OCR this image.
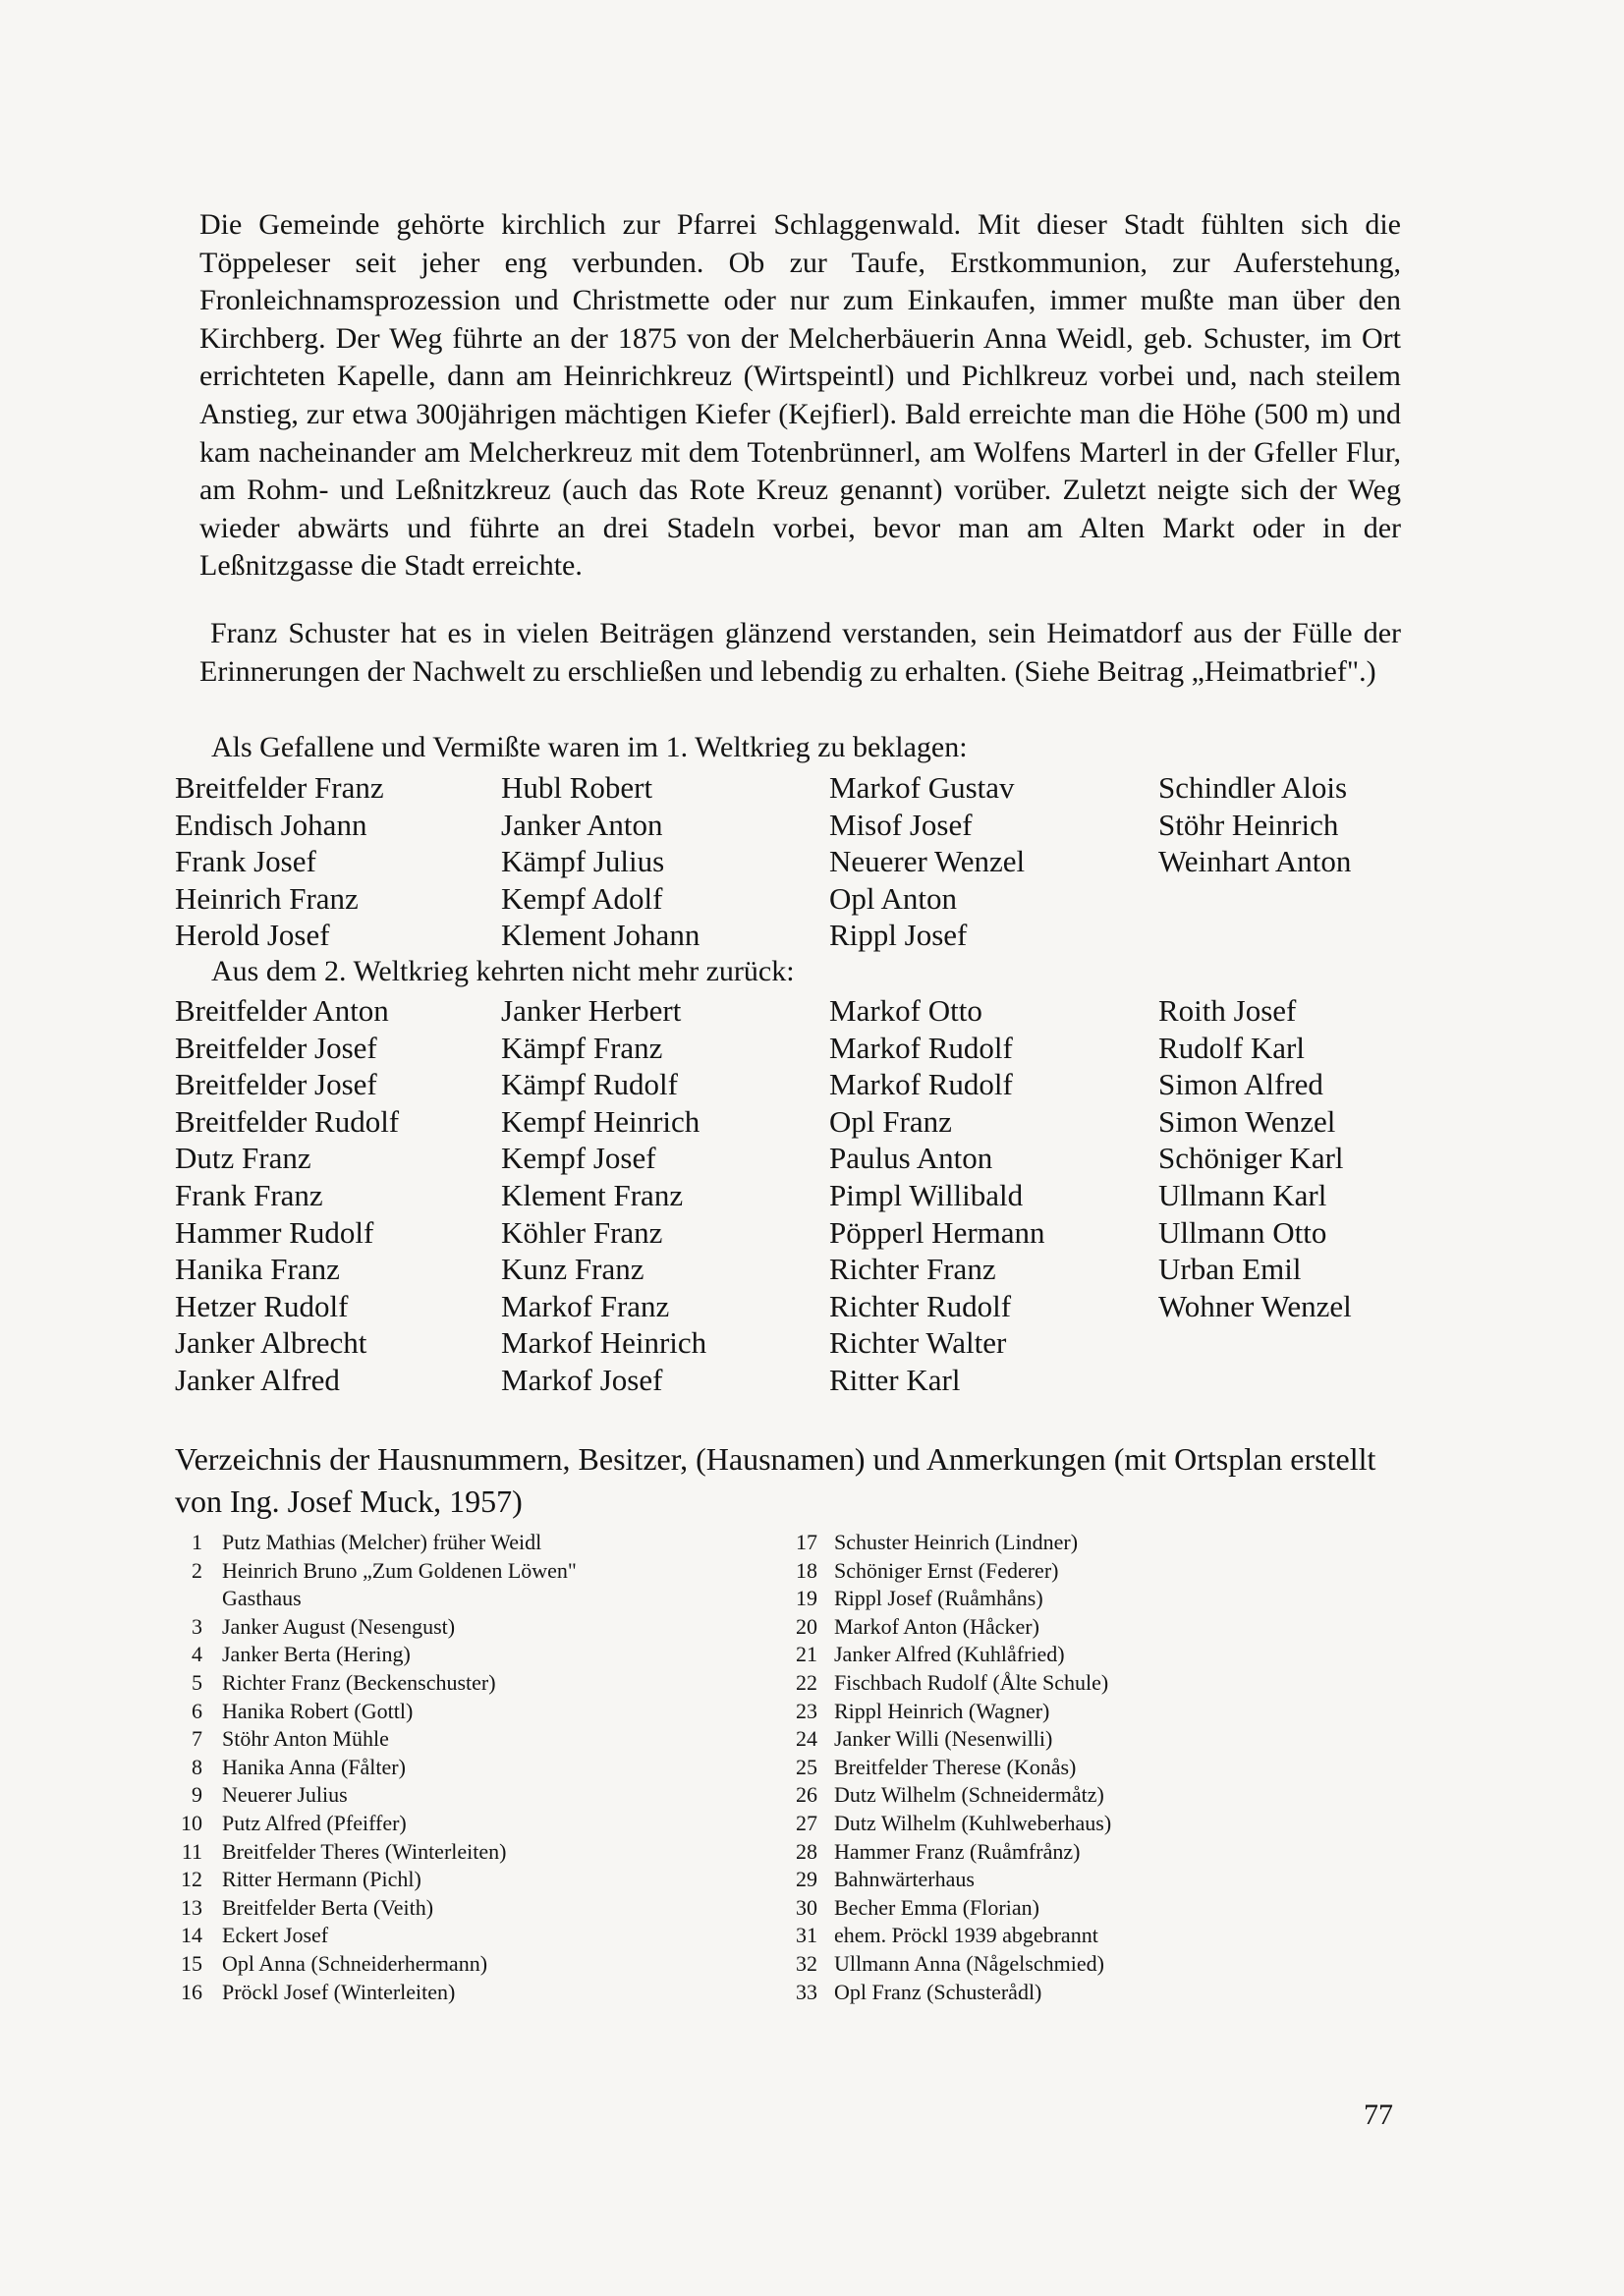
Die Gemeinde gehörte kirchlich zur Pfarrei Schlaggenwald. Mit dieser Stadt fühlten sich die Töppeleser seit jeher eng verbunden. Ob zur Taufe, Erstkommunion, zur Auferstehung, Fronleichnamsprozession und Christmette oder nur zum Einkaufen, immer mußte man über den Kirchberg. Der Weg führte an der 1875 von der Melcherbäuerin Anna Weidl, geb. Schuster, im Ort errichteten Kapelle, dann am Heinrichkreuz (Wirtspeintl) und Pichlkreuz vorbei und, nach steilem Anstieg, zur etwa 300jährigen mächtigen Kiefer (Kejfierl). Bald erreichte man die Höhe (500 m) und kam nacheinander am Melcherkreuz mit dem Totenbrünnerl, am Wolfens Marterl in der Gfeller Flur, am Rohm- und Leßnitzkreuz (auch das Rote Kreuz genannt) vorüber. Zuletzt neigte sich der Weg wieder abwärts und führte an drei Stadeln vorbei, bevor man am Alten Markt oder in der Leßnitzgasse die Stadt erreichte.

Franz Schuster hat es in vielen Beiträgen glänzend verstanden, sein Heimatdorf aus der Fülle der Erinnerungen der Nachwelt zu erschließen und lebendig zu erhalten. (Siehe Beitrag „Heimatbrief".)

Als Gefallene und Vermißte waren im 1. Weltkrieg zu beklagen:

Breitfelder Franz	Hubl Robert	Markof Gustav	Schindler Alois
Endisch Johann	Janker Anton	Misof Josef	Stöhr Heinrich
Frank Josef	Kämpf Julius	Neuerer Wenzel	Weinhart Anton
Heinrich Franz	Kempf Adolf	Opl Anton
Herold Josef	Klement Johann	Rippl Josef

Aus dem 2. Weltkrieg kehrten nicht mehr zurück:

Breitfelder Anton	Janker Herbert	Markof Otto	Roith Josef
Breitfelder Josef	Kämpf Franz	Markof Rudolf	Rudolf Karl
Breitfelder Josef	Kämpf Rudolf	Markof Rudolf	Simon Alfred
Breitfelder Rudolf	Kempf Heinrich	Opl Franz	Simon Wenzel
Dutz Franz	Kempf Josef	Paulus Anton	Schöniger Karl
Frank Franz	Klement Franz	Pimpl Willibald	Ullmann Karl
Hammer Rudolf	Köhler Franz	Pöpperl Hermann	Ullmann Otto
Hanika Franz	Kunz Franz	Richter Franz	Urban Emil
Hetzer Rudolf	Markof Franz	Richter Rudolf	Wohner Wenzel
Janker Albrecht	Markof Heinrich	Richter Walter
Janker Alfred	Markof Josef	Ritter Karl

Verzeichnis der Hausnummern, Besitzer, (Hausnamen) und Anmerkungen (mit Ortsplan erstellt von Ing. Josef Muck, 1957)

1 Putz Mathias (Melcher) früher Weidl
2 Heinrich Bruno „Zum Goldenen Löwen"
Gasthaus
3 Janker August (Nesengust)
4 Janker Berta (Hering)
5 Richter Franz (Beckenschuster)
6 Hanika Robert (Gottl)
7 Stöhr Anton Mühle
8 Hanika Anna (Fålter)
9 Neuerer Julius
10 Putz Alfred (Pfeiffer)
11 Breitfelder Theres (Winterleiten)
12 Ritter Hermann (Pichl)
13 Breitfelder Berta (Veith)
14 Eckert Josef
15 Opl Anna (Schneiderhermann)
16 Pröckl Josef (Winterleiten)
17 Schuster Heinrich (Lindner)
18 Schöniger Ernst (Federer)
19 Rippl Josef (Ruåmhåns)
20 Markof Anton (Håcker)
21 Janker Alfred (Kuhlåfried)
22 Fischbach Rudolf (Ålte Schule)
23 Rippl Heinrich (Wagner)
24 Janker Willi (Nesenwilli)
25 Breitfelder Therese (Konås)
26 Dutz Wilhelm (Schneidermåtz)
27 Dutz Wilhelm (Kuhlweberhaus)
28 Hammer Franz (Ruåmfrånz)
29 Bahnwärterhaus
30 Becher Emma (Florian)
31 ehem. Pröckl 1939 abgebrannt
32 Ullmann Anna (Någelschmied)
33 Opl Franz (Schusterådl)
77
